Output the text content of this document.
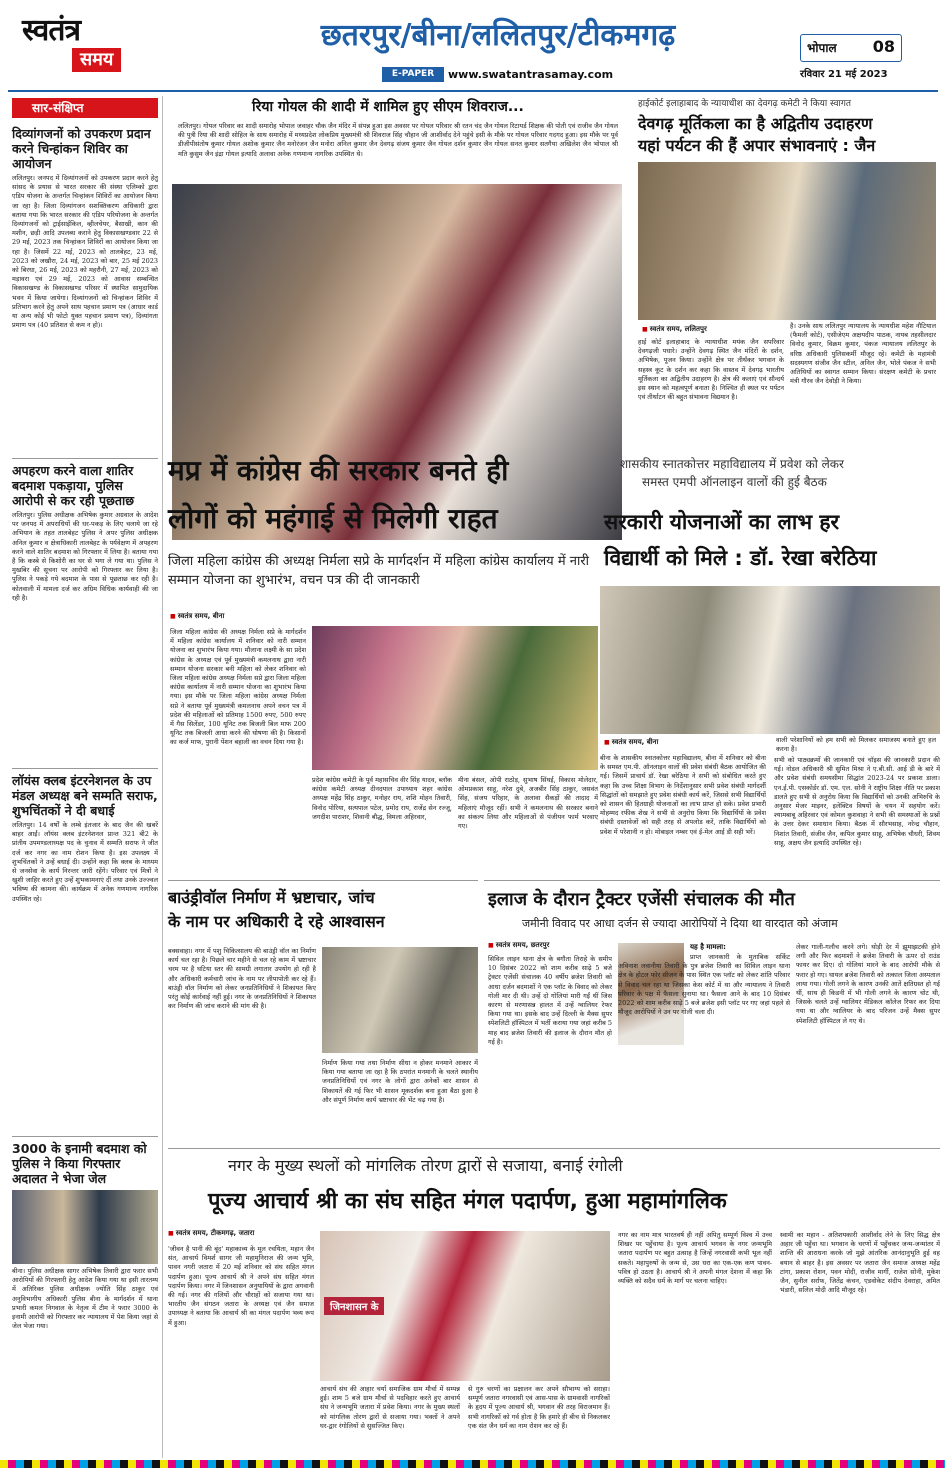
स्वतंत्र
समय
छतरपुर/बीना/ललितपुर/टीकमगढ़
E-PAPER	www.swatantrasamay.com
भोपाल 08
रविवार 21 मई 2023
सार-संक्षिप्त
दिव्यांगजनों को उपकरण प्रदान करने चिन्हांकन शिविर का आयोजन
ललितपुर। जनपद में दिव्यांगजनों को उपकरण प्रदान करने हेतु सांसद के प्रयास से भारत सरकार की संस्था एलिम्को द्वारा एडिप योजना के अन्तर्गत चिन्हांकन शिविरों का आयोजन किया जा रहा है। जिला दिव्यांगजन सशक्तिकरण अधिकारी द्वारा बताया गया कि भारत सरकार की एडिप परियोजना के अन्तर्गत दिव्यांगजनों को ट्राईसाईकिल, व्हीलचेयर, बैसाखी, कान की मशीन, छड़ी आदि उपलब्ध कराने हेतु विकासखण्डवार 22 से 29 मई, 2023 तक चिन्हांकन शिविरों का आयोजन किया जा रहा है। जिसमें 22 मई, 2023 को तालबेहट, 23 मई, 2023 को जखौरा, 24 मई, 2023 को बार, 25 मई 2023 को बिरधा, 26 मई, 2023 को महरौनी, 27 मई, 2023 को मड़ावरा एवं 29 मई, 2023 को आवास सम्बन्धित विकासखण्ड के विकासखण्ड परिसर में स्थापित सामुदायिक भवन में किया जायेगा। दिव्यांगजनों को चिन्हांकन शिविर में प्रतिभाग करने हेतु अपने साथ पहचान प्रमाण पत्र (आधार कार्ड या अन्य कोई भी फोटो युक्त पहचान प्रमाण पत्र), दिव्यांगता प्रमाण पत्र (40 प्रतिशत से कम न हो)।
अपहरण करने वाला शातिर बदमाश पकड़ाया, पुलिस आरोपी से कर रही पूछताछ
ललितपुर। पुलिस अधीक्षक अभिषेक कुमार अग्रवाल के आदेश पर जनपद में अपराधियों की धर-पकड़ के लिए चलाये जा रहे अभियान के तहत तालबेहट पुलिस ने अपर पुलिस अधीक्षक अनिल कुमार व क्षेत्राधिकारी तालबेहट के पर्यवेक्षण में अपहरण करने वाले शातिर बदमाश को गिरफ्तार में लिया है। बताया गया है कि कस्बे से किशोरी का घर से भगा ले गया था। पुलिस ने मुखबिर की सूचना पर आरोपी को गिरफ्तार कर लिया है। पुलिस ने पकड़े गये बदमाश के पास से पूछताछ कर रही है। कोतवाली में मामला दर्ज कर अग्रिम विधिक कार्यवाही की जा रही है।
लॉयंस क्लब इंटरनेशनल के उप मंडल अध्यक्ष बने सम्मति सराफ, शुभचिंतकों ने दी बधाई
ललितपुर। 14 वर्षों के लम्बे इंतजार के बाद जैन की खबरें बाहर आईं। लॉयंस क्लब इंटरनेशनल प्रान्त 321 बी2 के प्रांतीय उपमण्डलाध्यक्ष पद के चुनाव में सम्मति सराफ ने जीत दर्ज कर नगर का नाम रोशन किया है। इस उपलक्ष्य में शुभचिंतकों ने उन्हें बधाई दी। उन्होंने कहा कि क्लब के माध्यम से जनसेवा के कार्य निरन्तर जारी रहेंगे। परिवार एवं मित्रों ने खुशी जाहिर करते हुए उन्हें शुभकामनाएं दीं तथा उनके उज्ज्वल भविष्य की कामना की। कार्यक्रम में अनेक गणमान्य नागरिक उपस्थित रहे।
3000 के इनामी बदमाश को पुलिस ने किया गिरफ्तार अदालत ने भेजा जेल
बीना। पुलिस अधीक्षक सागर अभिषेक तिवारी द्वारा फरार सभी आरोपियों की गिरफ्तारी हेतु आदेश किया गया था इसी तारतम्य में अतिरिक्त पुलिस अधीक्षक ज्योति सिंह ठाकुर एवं अनुविभागीय अधिकारी पुलिस बीना के मार्गदर्शन में थाना प्रभारी कमल निगवाल के नेतृत्व में टीम ने फरार 3000 के इनामी आरोपी को गिरफ्तार कर न्यायालय में पेश किया जहां से जेल भेजा गया।
रिया गोयल की शादी में शामिल हुए सीएम शिवराज...
ललितपुर। गोयल परिवार का शादी समारोह भोपाल जवाहर चौक जैन मंदिर में संपन्न हुआ इस अवसर पर गोयल परिवार श्री रतन चंद जैन गोयल रिटायर्ड शिक्षक की पोती एवं राजीव जैन गोयल की पुत्री रिया की शादी सोहिल के साथ समारोह में मध्यप्रदेश लोकप्रिय मुख्यमंत्री श्री शिवराज सिंह चौहान जी आशीर्वाद देने पहुंचे इसी के मौके पर गोयल परिवार गदगद हुआ। इस मौके पर पूर्व डीजीपीसंतोष कुमार गोयल अशोक कुमार जैन मनोरंजन जैन मनोरा अनिल कुमार जैन देवगढ़ संजय कुमार जैन गोयल दर्शन कुमार जैन गोयल सनत कुमार सतगैया अखिलेश जैन भोपाल श्री मति कुसुम जैन इंद्रा गोयल इत्यादि अलावा अनेक गणमान्य नागरिक उपस्थित थे।
हाईकोर्ट इलाहाबाद के न्यायाधीश का देवगढ़ कमेटी ने किया स्वागत
देवगढ़ मूर्तिकला का है अद्वितीय उदाहरण
यहां पर्यटन की हैं अपार संभावनाएं : जैन
■ स्वतंत्र समय, ललितपुर
हाई कोर्ट इलाहाबाद के न्यायाधीश मयंक जैन सपरिवार देवगढ़जी पधारे। उन्होंने देवगढ़ स्थित जैन मंदिरों के दर्शन, अभिषेक, पूजन किया। उन्होंने क्षेत्र पर तीर्थंकर भगवान के सहस्त्र कूट के दर्शन कर कहा कि वास्तव में देवगढ़ भारतीय मूर्तिकला का अद्वितीय उदाहरण है। क्षेत्र की कलाएं एवं सौन्दर्य इस स्थान को महत्वपूर्ण बनाता है। निश्चित ही स्थल पर पर्यटन एवं तीर्थाटन की बहुत संभावना विद्यमान है।
है। उनके साथ ललितपुर न्यायालय के न्यायधीश महेश नौटियाल (फैमली कोर्ट), एसीजेएम अक्षयदीप पाठक, नायब तहसीलदार विनोद कुमार, विक्रम कुमार, पंकज न्यायालय ललितपुर के वरिष्ठ अधिकारी पुलिसकर्मी मौजूद रहे। कमेटी के महामंत्री सदस्यगण संजीव जैन स्टील, अनिल जैन, भोले पंकज ने सभी अतिथियों का स्वागत सम्मान किया। संरक्षण कमेटी के प्रचार मंत्री गौरव जैन देवोड़ी ने किया।
मप्र में कांग्रेस की सरकार बनते ही
लोगों को महंगाई से मिलेगी राहत
जिला महिला कांग्रेस की अध्यक्ष निर्मला सप्रे के मार्गदर्शन में महिला कांग्रेस कार्यालय में नारी सम्मान योजना का शुभारंभ, वचन पत्र की दी जानकारी
■ स्वतंत्र समय, बीना
जिला महिला कांग्रेस की अध्यक्ष निर्मला सप्रे के मार्गदर्शन में महिला कांग्रेस कार्यालय में शनिवार को नारी सम्मान योजना का शुभारंभ किया गया। मौलाना लक्ष्मी के सा प्रदेश कांग्रेस के अध्यक्ष एवं पूर्व मुख्यमंत्री कमलनाथ द्वारा नारी सम्मान योजना सरकार बनी महिला को लेकर शनिवार को जिला महिला कांग्रेस अध्यक्ष निर्मला सप्रे द्वारा जिला महिला कांग्रेस कार्यालय में नारी सम्मान योजना का शुभारंभ किया गया। इस मौके पर जिला महिला कांग्रेस अध्यक्ष निर्मला सप्रे ने बताया पूर्व मुख्यमंत्री कमलनाथ अपने वचन पत्र में प्रदेश की महिलाओं को प्रतिमाह 1500 रुपए, 500 रुपए में गैस सिलेंडर, 100 यूनिट तक बिजली बिल माफ 200 यूनिट तक बिजली आधा करने की घोषणा की है। किसानों का कर्ज माफ, पुरानी पेंशन बहाली का वचन दिया गया है।
प्रदेश कांग्रेस कमेटी के पूर्व महासचिव वीर सिंह यादव, ब्लॉक कांग्रेस कमेटी अध्यक्ष दीनदयाल उपाध्याय शहर कांग्रेस अध्यक्ष महेंद्र सिंह ठाकुर, मनोहर राय, शशि मोहन तिवारी, विनोद पोरिया, सत्यपाल पटेल, प्रमोद राय, राजेंद्र सेन रज्जू, जगदीश पाराशर, शिवानी बौद्ध, विमला अहिरवार,
मीना बंसल, ओपी राठोड़, सुभाष सिंघई, विकास मोलेदार, ओमप्रकाश साहू, नरेश दुबे, अजबीर सिंह ठाकुर, जसवंत सिंह, संजय परिहार, के अलावा सैकड़ों की तादाद में महिलाएं मौजूद रहीं। सभी ने कमलनाथ की सरकार बनाने का संकल्प लिया और महिलाओं से पंजीयन फार्म भरवाए गए।
शासकीय स्नातकोत्तर महाविद्यालय में प्रवेश को लेकर
समस्त एमपी ऑनलाइन वालों की हुई बैठक
सरकारी योजनाओं का लाभ हर
विद्यार्थी को मिले : डॉ. रेखा बरेठिया
■ स्वतंत्र समय, बीना	वाली परेशानियों को हम सभी को मिलकर समाजस्य बनाते हुए हल करना है।
बीना के शासकीय स्नातकोत्तर महाविद्यालय, बीना में शनिवार को बीना के समस्त एम.पी. ऑनलाइन वालों की प्रवेश संबंधी बैठक आयोजित की गई। जिसमें प्राचार्य डॉ. रेखा बरेठिया ने सभी को संबोधित करते हुए कहा कि उच्च शिक्षा विभाग के निर्देशानुसार सभी प्रवेश संबंधी मार्गदर्शी सिद्धांतों को समझाते हुए प्रवेश संबंधी कार्य करें, जिससे सभी विद्यार्थियों को शासन की हितग्राही योजनाओं का लाभ प्राप्त हो सके। प्रवेश प्रभारी मोहम्मद रफीक शेख ने सभी से अनुरोध किया कि विद्यार्थियों के प्रवेश संबंधी दस्तावेजों को सही तरह से अपलोड करें, ताकि विद्यार्थियों को प्रवेश में परेशानी न हो। मोबाइल नम्बर एवं ई-मेल आई डी सही भरें।
सभी को पाठ्यक्रमों की जानकारी एवं चॉइस की जानकारी प्रदान की गई। नोडल अधिकारी श्री सुमित मिश्रा ने ए.बी.सी. आई डी के बारे में और प्रवेश संबंधी समयसीमा सिद्धांत 2023-24 पर प्रकाश डाला। एन.ई.पी. एसकोर्डर डॉ. एम. एल. सोनी ने राष्ट्रीय शिक्षा नीति पर प्रकाश डालते हुए सभी से अनुरोध किया कि विद्यार्थियों को उनकी अभिरुचि के अनुसार मेजर माइनर, इलेक्टिव विषयों के चयन में सहयोग करें। श्यामबाबू अहिरवार एवं कोमल कुशवाहा ने सभी की समस्याओं के प्रश्नों के उत्तर देकर समाधान किया। बैठक में सौरभसाह, नरेन्द्र चौहान, निशांत तिवारी, संजीव जैन, कपिल कुमार साहू, अभिषेक चौधरी, शिवम साहू, अक्षय जैन इत्यादि उपस्थित रहे।
बाउंड्रीवॉल निर्माण में भ्रष्टाचार, जांच
के नाम पर अधिकारी दे रहे आश्वासन
बक्सवाहा। नगर में पशु चिकित्सालय की बाउंड्री वॉल का निर्माण कार्य चल रहा है। पिछले चार महीने से चल रहे काम में भ्रष्टाचार चरम पर है घटिया स्तर की सामग्री लगातार उपयोग हो रही है और अधिकारी कर्मचारी जांच के नाम पर लीपापोती कर रहे हैं। बाउंड्री वॉल निर्माण को लेकर जनप्रतिनिधियों ने शिकायत किए परंतु कोई कार्रवाई नहीं हुई। नगर के जनप्रतिनिधियों ने शिकायत कर निर्माण की जांच कराने की मांग की है।
निर्माण किया गया तथा निर्माण सीधा न होकर मनमाने आकार में किया गया बताया जा रहा है कि ठपरांत मनमानी के चलते स्थानीय जनप्रतिनिधियों एवं नगर के लोगों द्वारा अनेकों बार शासन से शिकायतें की गई फिर भी शासन मूकदर्शक बना हुआ बैठा हुआ है और संपूर्ण निर्माण कार्य भ्रष्टाचार की भेंट चढ़ गया है।
इलाज के दौरान ट्रैक्टर एजेंसी संचालक की मौत
जमीनी विवाद पर आधा दर्जन से ज्यादा आरोपियों ने दिया था वारदात को अंजाम
■ स्वतंत्र समय, छतरपुर
सिविल लाइन थाना क्षेत्र के बगौता तिराहे के समीप 10 दिसंबर 2022 को शाम करीब साढ़े 5 बजे ट्रेक्टर एजेंसी संचालक 40 वर्षीय ब्रजेश तिवारी को आधा दर्जन बदमाशों ने एक प्लॉट के विवाद को लेकर गोली मार दी थी। उन्हें दो गोलियां मारी गईं थीं जिस कारण से मरणासन्न हालत में उन्हें ग्वालियर रेफर किया गया था। इसके बाद उन्हें दिल्ली के मैक्स सुपर स्पेशलिटी हॉस्पिटल में भर्ती कराया गया जहां करीब 5 माह बाद ब्रजेश तिवारी की इलाज के दौरान मौत हो गई है।
यह है मामला:
प्राप्त जानकारी के मुताबिक सर्किट अविनाश लवानीया तिवारी के पुत्र ब्रजेश तिवारी का सिविल लाइन थाना क्षेत्र के होटल फोर सीजन के पास स्थित एक प्लॉट को लेकर शांति परिवार से विवाद चल रहा था जिसका केस कोर्ट में था और न्यायालय ने तिवारी परिवार के पक्ष में फैसला सुनाया था। फैसला आने के बाद 10 दिसंबर 2022 को शाम करीब साढ़े 5 बजे ब्रजेश इसी प्लॉट पर गए जहां पहले से मौजूद आरोपियों ने उन पर गोली चला दी।
लेकर गाली-गलौच करने लगे। थोड़ी देर में झूमाझटकी होने लगी और फिर बदमाशों ने ब्रजेश तिवारी के ऊपर दो राउंड फायर कर दिए। दो गोलियां मारने के बाद आरोपी मौके से फरार हो गए। घायल ब्रजेश तिवारी को तत्काल जिला अस्पताल लाया गया। गोली लगने के कारण उनकी आतें क्षतिग्रस्त हो गई थीं, साथ ही किडनी में भी गोली लगने के कारण चोट थी, जिसके चलते उन्हें ग्वालियर मेडिकल कॉलेज रिफर कर दिया गया था और ग्वालियर के बाद परिजन उन्हें मैक्स सुपर स्पेशलिटी हॉस्पिटल ले गए थे।
नगर के मुख्य स्थलों को मांगलिक तोरण द्वारों से सजाया, बनाई रंगोली
पूज्य आचार्य श्री का संघ सहित मंगल पदार्पण, हुआ महामांगलिक
■ स्वतंत्र समय, टीकमगढ़, जतारा
'जीवन है पानी की बूंद' महाकाव्य के मूल रचयिता, महान जैन संत, आचार्य विमर्श सागर जी महामुनिराज की जन्म भूमि, पावन नगरी जतारा में 20 मई शनिवार को संघ सहित मंगल पदार्पण हुआ। पूज्य आचार्य श्री ने अपने संघ सहित मंगल पदार्पण किया। नगर में जिनशासन अनुयायियों के द्वारा अगवानी की गई। नगर की गलियों और चौराहों को सजाया गया था। भारतीय जैन संगठन जतारा के अध्यक्ष एवं जैन समाज उपाध्यक्ष ने बताया कि आचार्य श्री का मंगल पदार्पण भव्य रूप में हुआ।
जिनशासन के
आचार्य संघ की आहार चर्या समाजिक ग्राम मौर्चा में सम्पन्न हुई। शाम 5 बजे ग्राम मौर्चा से पदविहार करते हुए आचार्य संघ ने जन्मभूमि जतारा में प्रवेश किया। नगर के मुख्य स्थलों को मांगलिक तोरण द्वारों से सजाया गया। भक्तों ने अपने घर-द्वार रंगोलियों से सुसज्जित किए।
से गुरु चरणों का प्रक्षालन कर अपने सौभाग्य को सराहा। सम्पूर्ण जतारा नगरवासी एवं आस-पास के ग्रामवासी नागरिकों के हृदय में पूज्य आचार्य श्री, भगवान की तरह विराजमान हैं। सभी नागरिकों को गर्व होता है कि हमारे ही बीच से निकलकर एक संत जैन धर्म का नाम रोशन कर रहे हैं।
नगर का नाम मात्र भारतवर्ष ही नहीं अपितु सम्पूर्ण विश्व में उच्च शिखर पर पहुँचाया है। पूज्य आचार्य भगवन के नगर जन्मभूमि जतारा पदार्पण पर बहुत उत्साह है जिन्हें नगरवासी कभी भूल नहीं सकते। महापुरुषों के जन्म से, उस धरा का एक-एक कण पावन-पवित्र हो उठता है। आचार्य श्री ने अपनी मंगल देशना में कहा कि व्यक्ति को सदैव धर्म के मार्ग पर चलना चाहिए।
स्वामी का महान - अतिशयकारी आशीर्वाद लेने के लिए सिद्ध क्षेत्र अहार जी पहुँचा था। भगवान के चरणों में पहुँचकर जन्म-जन्मांतर में शान्ति की आराधना करके जो मुझे आंतरिक आनंदानुभूति हुई वह बयान से बाहर है। इस अवसर पर जतारा जैन समाज अध्यक्ष महेंद्र टांगा, प्रकाश रोशन, पवन मोदी, राजीव मार्गी, राजेश सोनी, मुकेश जैन, सुनील सर्राफ, जितेंद्र कंचन, एडवोकेट संदीप देवराहा, अमित भंडारी, सलिल मोदी आदि मौजूद रहे।
